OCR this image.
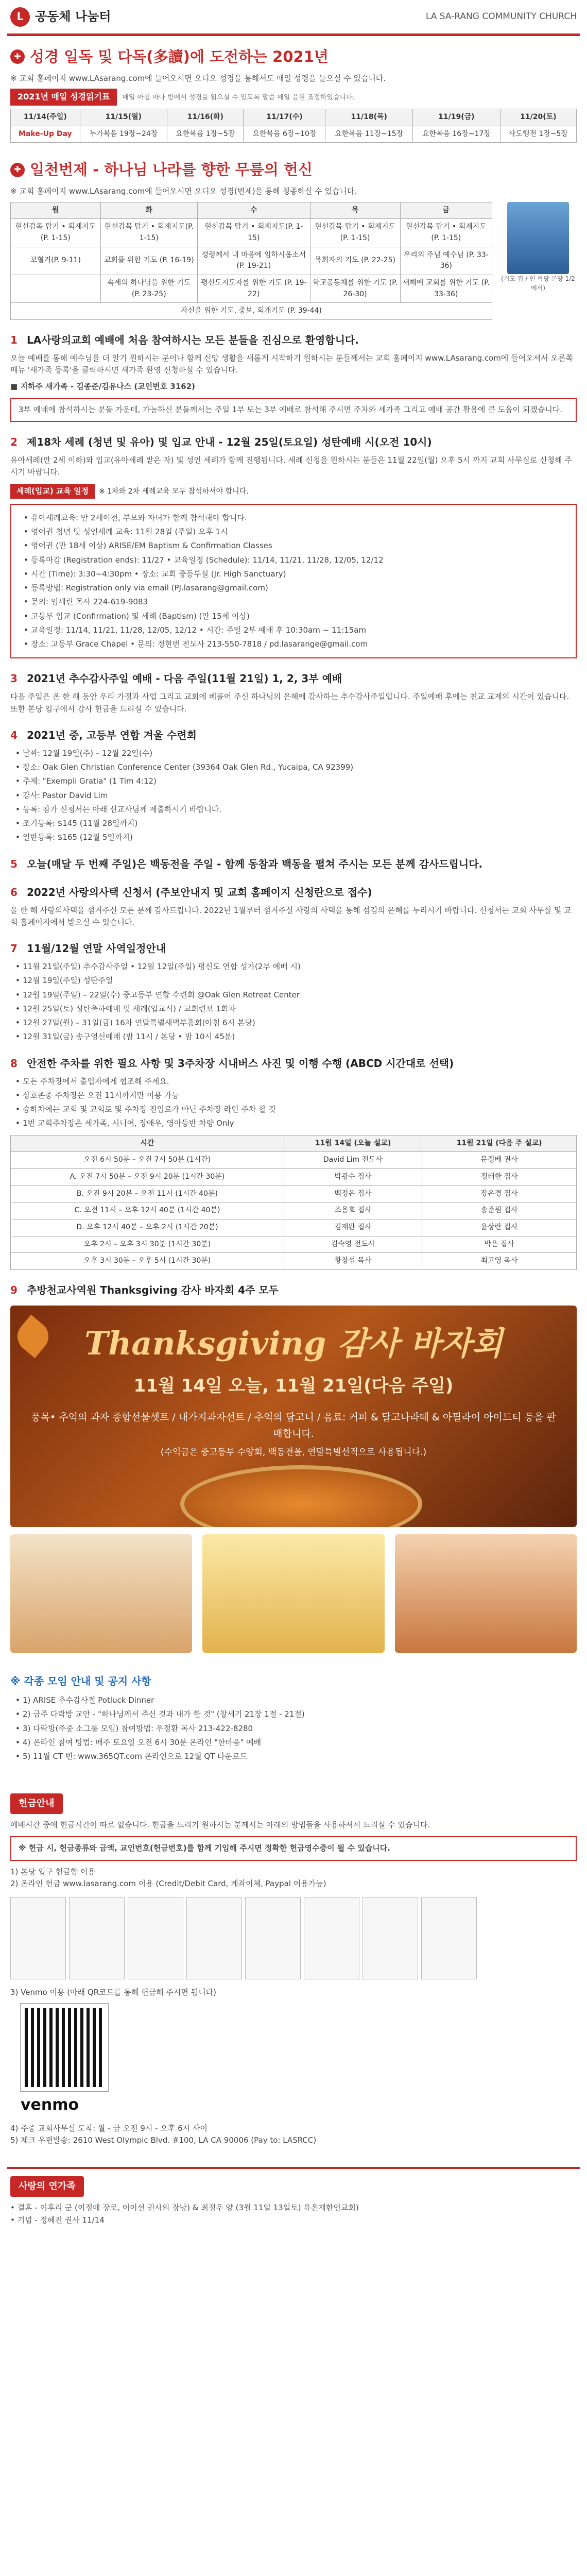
L 공동체 나눔터	LA SA-RANG COMMUNITY CHURCH
✚ 성경 일독 및 다독(多讀)에 도전하는 2021년
※ 교회 홈페이지 www.LAsarang.com에 들어오시면 오디오 성경을 통해서도 매일 성경을 들으실 수 있습니다.
2021년 매일 성경읽기표 매일 아침 마다 방에서 성경을 읽으실 수 있도록 말씀 매일 응원 조정하였습니다.
11/14(주일)	11/15(월)	11/16(화)	11/17(수)	11/18(목)	11/19(금)	11/20(토)
Make-Up Day	누가복음 19장~24장	요한복음 1장~5장	요한복음 6장~10장	요한복음 11장~15장	요한복음 16장~17장	사도행전 1장~5장
✚ 일천번제 - 하나님 나라를 향한 무릎의 헌신
※ 교회 홈페이지 www.LAsarang.com에 들어오시면 오디오 성경(번제)을 통해 청종하실 수 있습니다.
월	화	수	목	금
현선갑목 탑기 • 회계지도(P. 1-15)	현선갑목 탑기 • 회계지도(P. 1-15)	현선갑목 탑기 • 회계지도(P. 1-15)	현선갑목 탑기 • 회계지도(P. 1-15)	현선갑목 탑기 • 회계지도(P. 1-15)
보혈거(P. 9-11)	교회를 위한 기도 (P. 16-19)	성령께서 내 마음에 임하시옵소서 (P. 19-21)	목회자의 기도 (P. 22-25)	우리의 주님 예수님 (P. 33-36)
	속세의 하나님을 위한 기도 (P. 23-25)	평신도지도자를 위한 기도 (P. 19-22)	학교공동체를 위한 기도 (P. 26-30)	새해에 교회를 위한 기도 (P. 33-36)
자신을 위한 기도, 중보, 회개기도 (P. 39-44)				
(기도 집 / 인 학당 본당 1/2 에서)
1 LA사랑의교회 예배에 처음 참여하시는 모든 분들을 진심으로 환영합니다.
오늘 예배를 통해 예수님을 더 알기 원하시는 분이나 함께 신앙 생활을 새롭게 시작하기 원하시는 분들께서는 교회 홈페이지 www.LAsarang.com에 들어오셔서 오른쪽 메뉴 '새가족 등록'을 클릭하시면 새가족 환영 신청하실 수 있습니다.
■ 지하주 새가족 - 김종준/김유나스 (교인번호 3162)
3부 예배에 참석하시는 분들 가운데, 가능하신 분들께서는 주일 1부 또는 3부 예배로 참석해 주시면 주차와 세가족 그리고 예배 공간 활용에 큰 도움이 되겠습니다.
2 제18차 세례 (청년 및 유아) 및 입교 안내 - 12월 25일(토요일) 성탄예배 시(오전 10시)
유아세례(만 2세 이하)와 입교(유아세례 받은 자) 및 성인 세례가 함께 진행됩니다. 세례 신청을 원하시는 분들은 11월 22일(월) 오후 5시 까지 교회 사무실로 신청해 주시기 바랍니다.
세례(입교) 교육 일정 ※ 1차와 2차 세례교육 모두 참석하셔야 합니다.
• 유아세례교육: 만 2세이전, 부모와 자녀가 함께 참석해야 합니다.
• 영어권 청년 및 성인세례 교육: 11월 28일 (주일) 오후 1시
• 영어권 (만 18세 이상) ARISE/EM Baptism & Confirmation Classes
• 등록마감 (Registration ends): 11/27 • 교육일정 (Schedule): 11/14, 11/21, 11/28, 12/05, 12/12
• 시간 (Time): 3:30~4:30pm • 장소: 교회 중등부실 (Jr. High Sanctuary)
• 등록방법: Registration only via email (PJ.lasarang@gmail.com)
• 문의: 임세린 목사 224-619-9083
• 고등부 입교 (Confirmation) 및 세례 (Baptism) (만 15세 이상)
• 교육일정: 11/14, 11/21, 11/28, 12/05, 12/12 • 시간: 주일 2부 예배 후 10:30am ~ 11:15am
• 장소: 고등부 Grace Chapel • 문의: 정현빈 전도사 213-550-7818 / pd.lasarange@gmail.com
3 2021년 추수감사주일 예배 - 다음 주일(11월 21일) 1, 2, 3부 예배
다음 주일은 온 한 해 동안 우리 가정과 사업 그리고 교회에 베풀어 주신 하나님의 은혜에 감사하는 추수감사주일입니다. 주일예배 후에는 친교 교제의 시간이 있습니다. 또한 본당 입구에서 감사 헌금을 드리실 수 있습니다.
4 2021년 중, 고등부 연합 겨울 수련회
• 날짜: 12월 19일(주) – 12월 22일(수)
• 장소: Oak Glen Christian Conference Center (39364 Oak Glen Rd., Yucaipa, CA 92399)
• 주제: "Exempli Gratia" (1 Tim 4:12)
• 강사: Pastor David Lim
• 등록: 참가 신청서는 아래 선교사님께 제출하시기 바랍니다.
• 조기등록: $145 (11월 28일까지)
• 일반등록: $165 (12월 5일까지)
5 오늘(매달 두 번째 주일)은 백동전을 주일 - 함께 동참과 백동을 펼쳐 주시는 모든 분께 감사드립니다.
6 2022년 사랑의사택 신청서 (주보안내지 및 교회 홈페이지 신청란으로 접수)
올 한 해 사랑의사택을 섬겨주신 모든 분께 감사드립니다. 2022년 1월부터 섬겨주실 사랑의 사택을 통해 섬김의 은혜를 누리시기 바랍니다. 신청서는 교회 사무실 및 교회 홈페이지에서 받으실 수 있습니다.
7 11월/12월 연말 사역일정안내
• 11월 21일(주일) 추수감사주일 • 12월 12일(주일) 평신도 연합 성가(2부 예배 시)
• 12월 19일(주일) 성탄주일
• 12월 19일(주일) – 22일(수) 중고등부 연합 수련회 @Oak Glen Retreat Center
• 12월 25일(토) 성탄축하예배 및 세례(입교식) / 교회련보 1회차
• 12월 27일(월) – 31일(금) 16차 연말특별새벽부흥회(아침 6시 본당)
• 12월 31일(금) 송구영신예배 (밤 11시 / 본당 • 밤 10시 45분)
8 안전한 주차를 위한 필요 사항 및 3주차장 시내버스 사진 및 이행 수행 (ABCD 시간대로 선택)
• 모든 주차장에서 출입자에게 협조해 주세요.
• 상호존중 주차장은 오전 11시까지만 이용 가능
• 승하차에는 교회 및 교회로 및 주차장 진입로가 아닌 주차장 라인 주차 할 것
• 1번 교회주차장은 세가족, 시니어, 장애우, 영아등반 차량 Only
시간	11월 14일 (오늘 설교)	11월 21일 (다음 주 설교)
오전 6시 50분 – 오전 7시 50분 (1시간)	David Lim 전도사	문정배 권사
A. 오전 7시 50분 – 오전 9시 20분 (1시간 30분)	박광수 집사	정태한 집사
B. 오전 9시 20분 – 오전 11시 (1시간 40분)	백정은 집사	장은경 집사
C. 오전 11시 – 오후 12시 40분 (1시간 40분)	조용호 집사	송준원 집사
D. 오후 12시 40분 – 오후 2시 (1시간 20분)	김재완 집사	윤상란 집사
오후 2시 – 오후 3시 30분 (1시간 30분)	김숙영 전도사	박은 집사
오후 3시 30분 – 오후 5시 (1시간 30분)	황창섭 목사	최고영 목사
9 추방천교사역원 Thanksgiving 감사 바자회 4주 모두
Thanksgiving 감사 바자회
11월 14일 오늘, 11월 21일(다음 주일)
풍목• 추억의 과자 종합선물셋트 / 내가지과자선트 / 추억의 담고니 / 음료: 커피 & 달고나라떼 & 아필라어 아이드티 등을 판매합니다.
(수익금은 중고등부 수양회, 백동전을, 연말특별선적으로 사용됩니다.)
※ 각종 모임 안내 및 공지 사항
• 1) ARISE 추수감사절 Potluck Dinner
• 2) 금주 다락방 교안 - "하나님께서 주신 것과 내가 한 것" (창세기 21장 1절 - 21절)
• 3) 다락방(주중 소그룹 모임) 참여방법: 우정환 목사 213-422-8280
• 4) 온라인 참여 방법: 매주 토요일 오전 6시 30분 온라인 "한마음" 예배
• 5) 11월 CT 번: www.365QT.com 온라인으로 12월 QT 다운로드
헌금안내
예배시간 중에 헌금시간이 따로 없습니다. 헌금을 드리기 원하시는 분께서는 아래의 방법들을 사용하셔서 드리실 수 있습니다.
※ 헌금 시, 헌금종류와 금액, 교인번호(헌금번호)를 함께 기입해 주시면 정확한 헌금영수증이 될 수 있습니다.
1) 본당 입구 헌금함 이용
2) 온라인 헌금 www.lasarang.com 이용 (Credit/Debit Card, 계좌이체, Paypal 이용가능)
3) Venmo 이용 (아래 QR코드를 통해 헌금해 주시면 됩니다)
venmo
4) 주중 교회사무실 도착: 월 - 금 오전 9시 - 오후 6시 사이
5) 체크 우편발송: 2610 West Olympic Blvd. #100, LA CA 90006 (Pay to: LASRCC)
사랑의 연가족
• 결혼 - 이후리 군 (이정배 장로, 이이선 권사의 장남) & 최정우 양 (3월 11일 13일토) 유온재한인교회)
• 기념 - 정혜진 권사 11/14
